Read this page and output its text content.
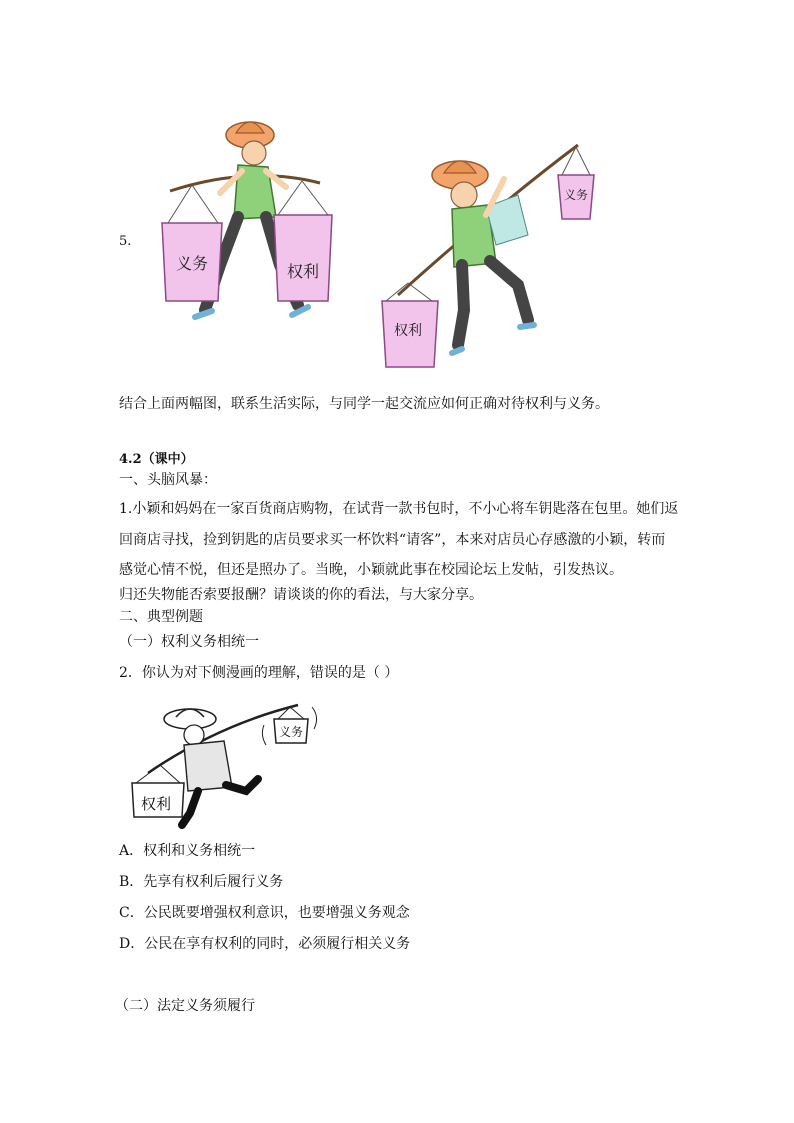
5.
义务	权利
权利
义务
结合上面两幅图，联系生活实际，与同学一起交流应如何正确对待权利与义务。
4.2（课中）
一、头脑风暴：
1.小颖和妈妈在一家百货商店购物，在试背一款书包时，不小心将车钥匙落在包里。她们返
回商店寻找，捡到钥匙的店员要求买一杯饮料“请客”，本来对店员心存感激的小颖，转而
感觉心情不悦，但还是照办了。当晚，小颖就此事在校园论坛上发帖，引发热议。
归还失物能否索要报酬？请谈谈的你的看法，与大家分享。
二、典型例题
（一）权利义务相统一
2．你认为对下侧漫画的理解，错误的是（ ）
权利
义务
A．权利和义务相统一
B．先享有权利后履行义务
C．公民既要增强权利意识，也要增强义务观念
D．公民在享有权利的同时，必须履行相关义务
（二）法定义务须履行
